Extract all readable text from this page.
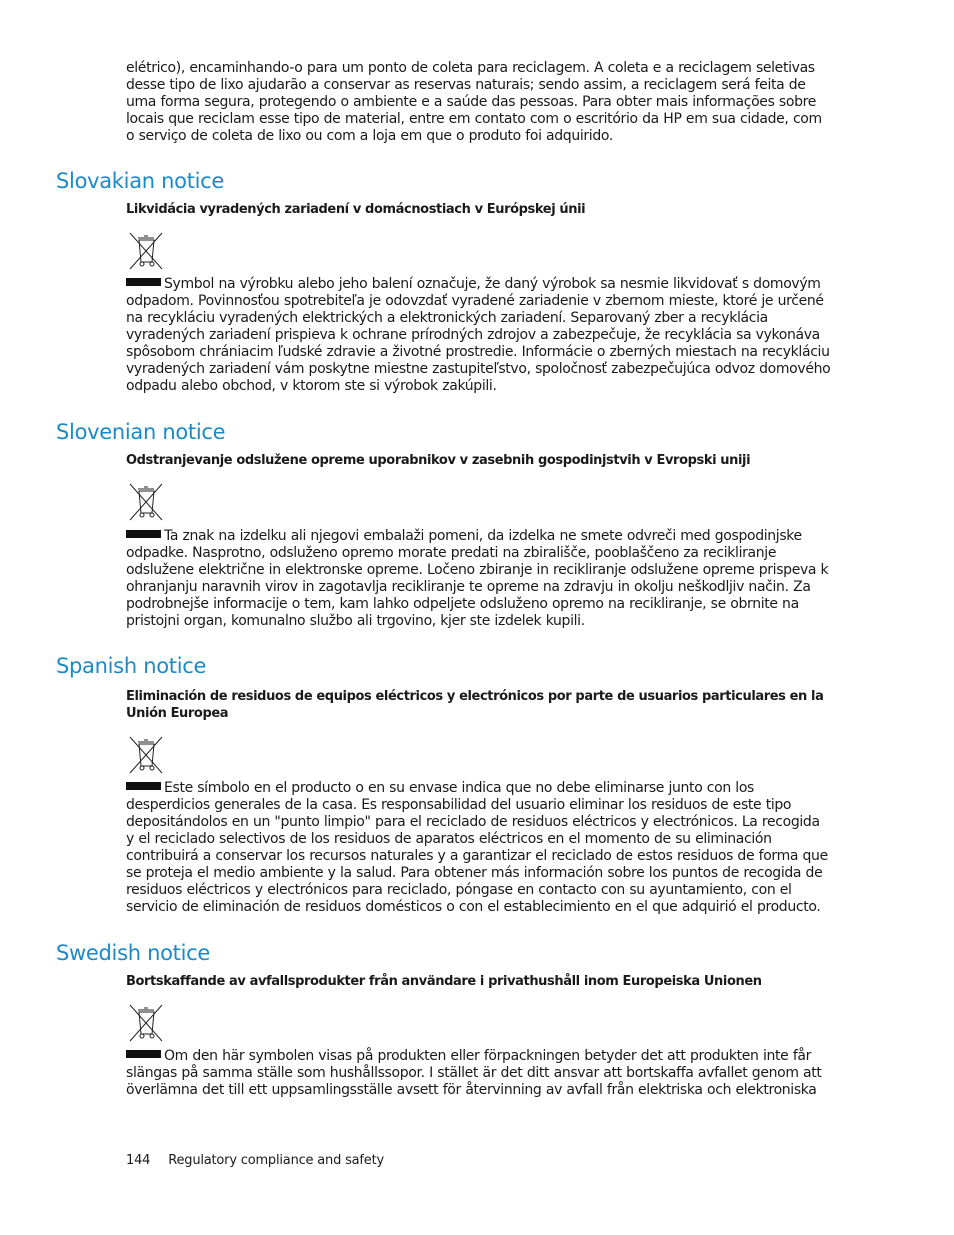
elétrico), encaminhando-o para um ponto de coleta para reciclagem. A coleta e a reciclagem seletivas desse tipo de lixo ajudarão a conservar as reservas naturais; sendo assim, a reciclagem será feita de uma forma segura, protegendo o ambiente e a saúde das pessoas. Para obter mais informações sobre locais que reciclam esse tipo de material, entre em contato com o escritório da HP em sua cidade, com o serviço de coleta de lixo ou com a loja em que o produto foi adquirido.

Slovakian notice

Likvidácia vyradených zariadení v domácnostiach v Európskej únii

Symbol na výrobku alebo jeho balení označuje, že daný výrobok sa nesmie likvidovať s domovým odpadom. Povinnosťou spotrebiteľa je odovzdať vyradené zariadenie v zbernom mieste, ktoré je určené na recykláciu vyradených elektrických a elektronických zariadení. Separovaný zber a recyklácia vyradených zariadení prispieva k ochrane prírodných zdrojov a zabezpečuje, že recyklácia sa vykonáva spôsobom chrániacim ľudské zdravie a životné prostredie. Informácie o zberných miestach na recykláciu vyradených zariadení vám poskytne miestne zastupiteľstvo, spoločnosť zabezpečujúca odvoz domového odpadu alebo obchod, v ktorom ste si výrobok zakúpili.

Slovenian notice

Odstranjevanje odslužene opreme uporabnikov v zasebnih gospodinjstvih v Evropski uniji

Ta znak na izdelku ali njegovi embalaži pomeni, da izdelka ne smete odvreči med gospodinjske odpadke. Nasprotno, odsluženo opremo morate predati na zbirališče, pooblaščeno za recikliranje odslužene električne in elektronske opreme. Ločeno zbiranje in recikliranje odslužene opreme prispeva k ohranjanju naravnih virov in zagotavlja recikliranje te opreme na zdravju in okolju neškodljiv način. Za podrobnejše informacije o tem, kam lahko odpeljete odsluženo opremo na recikliranje, se obrnite na pristojni organ, komunalno službo ali trgovino, kjer ste izdelek kupili.

Spanish notice

Eliminación de residuos de equipos eléctricos y electrónicos por parte de usuarios particulares en la Unión Europea

Este símbolo en el producto o en su envase indica que no debe eliminarse junto con los desperdicios generales de la casa. Es responsabilidad del usuario eliminar los residuos de este tipo depositándolos en un "punto limpio" para el reciclado de residuos eléctricos y electrónicos. La recogida y el reciclado selectivos de los residuos de aparatos eléctricos en el momento de su eliminación contribuirá a conservar los recursos naturales y a garantizar el reciclado de estos residuos de forma que se proteja el medio ambiente y la salud. Para obtener más información sobre los puntos de recogida de residuos eléctricos y electrónicos para reciclado, póngase en contacto con su ayuntamiento, con el servicio de eliminación de residuos domésticos o con el establecimiento en el que adquirió el producto.

Swedish notice

Bortskaffande av avfallsprodukter från användare i privathushåll inom Europeiska Unionen

Om den här symbolen visas på produkten eller förpackningen betyder det att produkten inte får slängas på samma ställe som hushållssopor. I stället är det ditt ansvar att bortskaffa avfallet genom att överlämna det till ett uppsamlingsställe avsett för återvinning av avfall från elektriska och elektroniska

144 Regulatory compliance and safety
